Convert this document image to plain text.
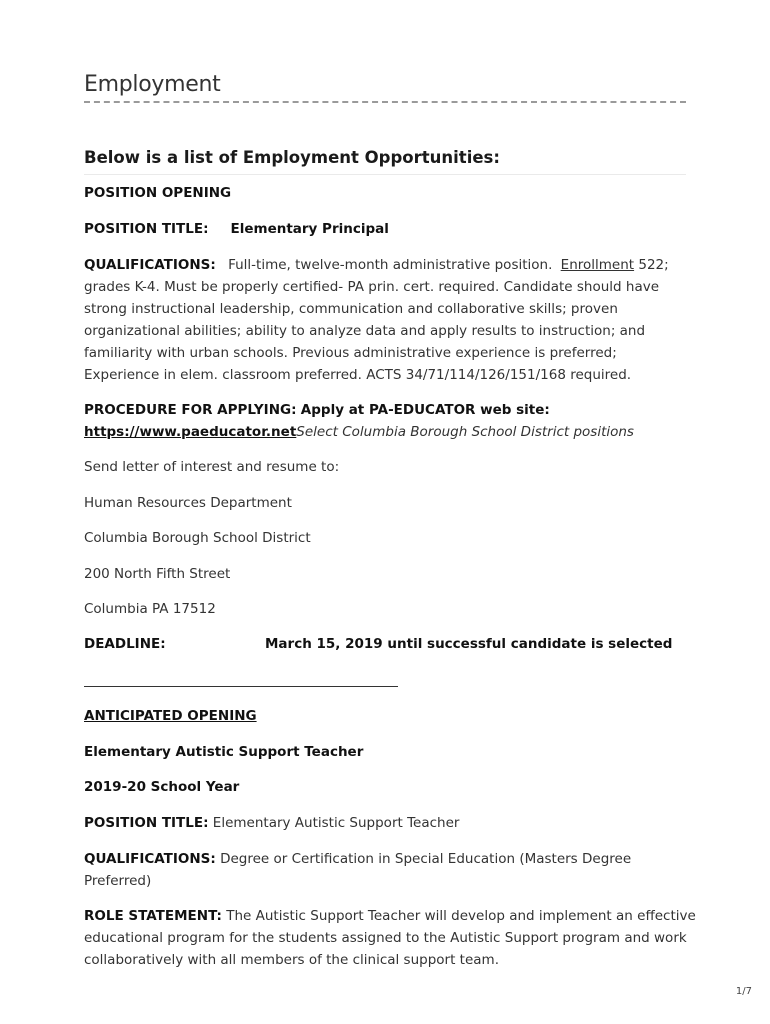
Employment
Below is a list of Employment Opportunities:
POSITION OPENING
POSITION TITLE: Elementary Principal
QUALIFICATIONS: Full-time, twelve-month administrative position. Enrollment 522;
grades K-4. Must be properly certified- PA prin. cert. required. Candidate should have
strong instructional leadership, communication and collaborative skills; proven
organizational abilities; ability to analyze data and apply results to instruction; and
familiarity with urban schools. Previous administrative experience is preferred;
Experience in elem. classroom preferred. ACTS 34/71/114/126/151/168 required.
PROCEDURE FOR APPLYING: Apply at PA-EDUCATOR web site:
https://www.paeducator.netSelect Columbia Borough School District positions
Send letter of interest and resume to:
Human Resources Department
Columbia Borough School District
200 North Fifth Street
Columbia PA 17512
DEADLINE:	March 15, 2019 until successful candidate is selected
ANTICIPATED OPENING
Elementary Autistic Support Teacher
2019-20 School Year
POSITION TITLE: Elementary Autistic Support Teacher
QUALIFICATIONS: Degree or Certification in Special Education (Masters Degree
Preferred)
ROLE STATEMENT: The Autistic Support Teacher will develop and implement an effective
educational program for the students assigned to the Autistic Support program and work
collaboratively with all members of the clinical support team.
1/7
